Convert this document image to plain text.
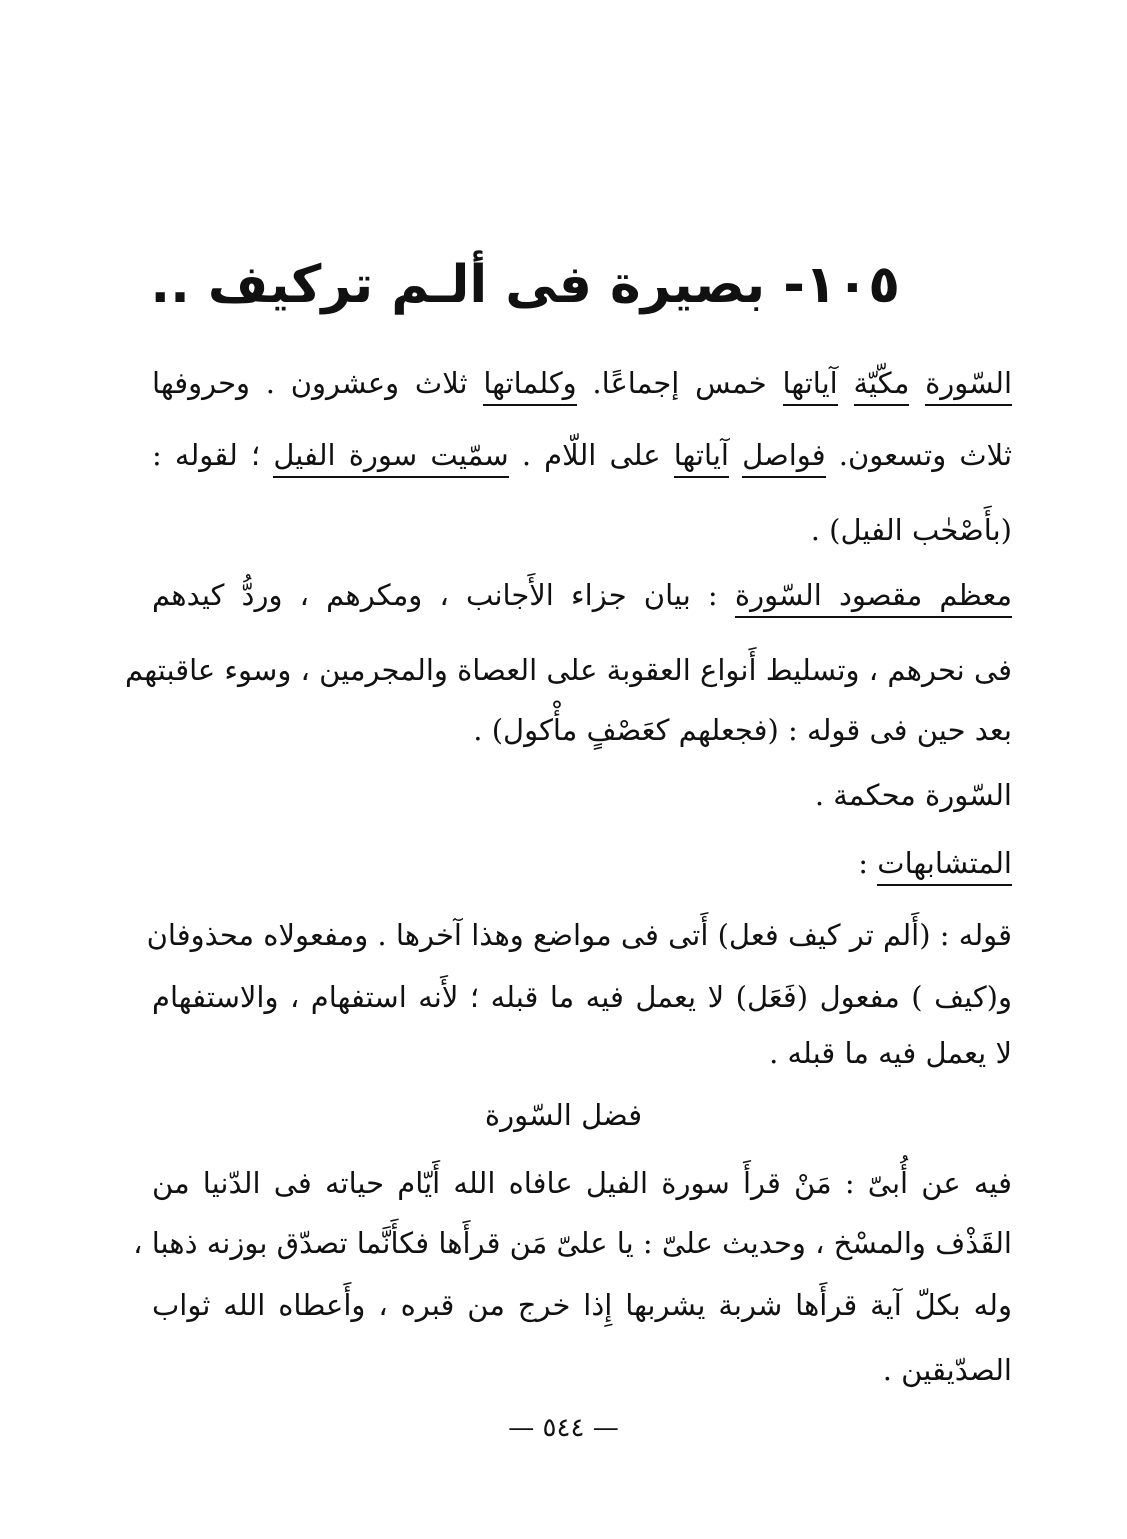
١٠٥- بصيرة فى ألـم تركيف ..
السّورة مكّيّة آياتها خمس إجماعًا. وكلماتها ثلاث وعشرون . وحروفها
ثلاث وتسعون. فواصل آياتها على اللّام . سمّيت سورة الفيل ؛ لقوله :
(بأَصْحٰب الفيل) .
معظم مقصود السّورة : بيان جزاء الأَجانب ، ومكرهم ، وردُّ كيدهم
فى نحرهم ، وتسليط أَنواع العقوبة على العصاة والمجرمين ، وسوء عاقبتهم
بعد حين فى قوله : (فجعلهم كعَصْفٍ مأْكول) .
السّورة محكمة .
المتشابهات :
قوله : (أَلم تر كيف فعل) أَتى فى مواضع وهذا آخرها . ومفعولاه محذوفان
و(كيف ) مفعول (فَعَل) لا يعمل فيه ما قبله ؛ لأَنه استفهام ، والاستفهام
لا يعمل فيه ما قبله .
فضل السّورة
فيه عن أُبىّ : مَنْ قرأَ سورة الفيل عافاه الله أَيّام حياته فى الدّنيا من
القَذْف والمسْخ ، وحديث علىّ : يا علىّ مَن قرأَها فكأَنَّما تصدّق بوزنه ذهبا ،
وله بكلّ آية قرأَها شربة يشربها إِذا خرج من قبره ، وأَعطاه الله ثواب
الصدّيقين .
— ٥٤٤ —
